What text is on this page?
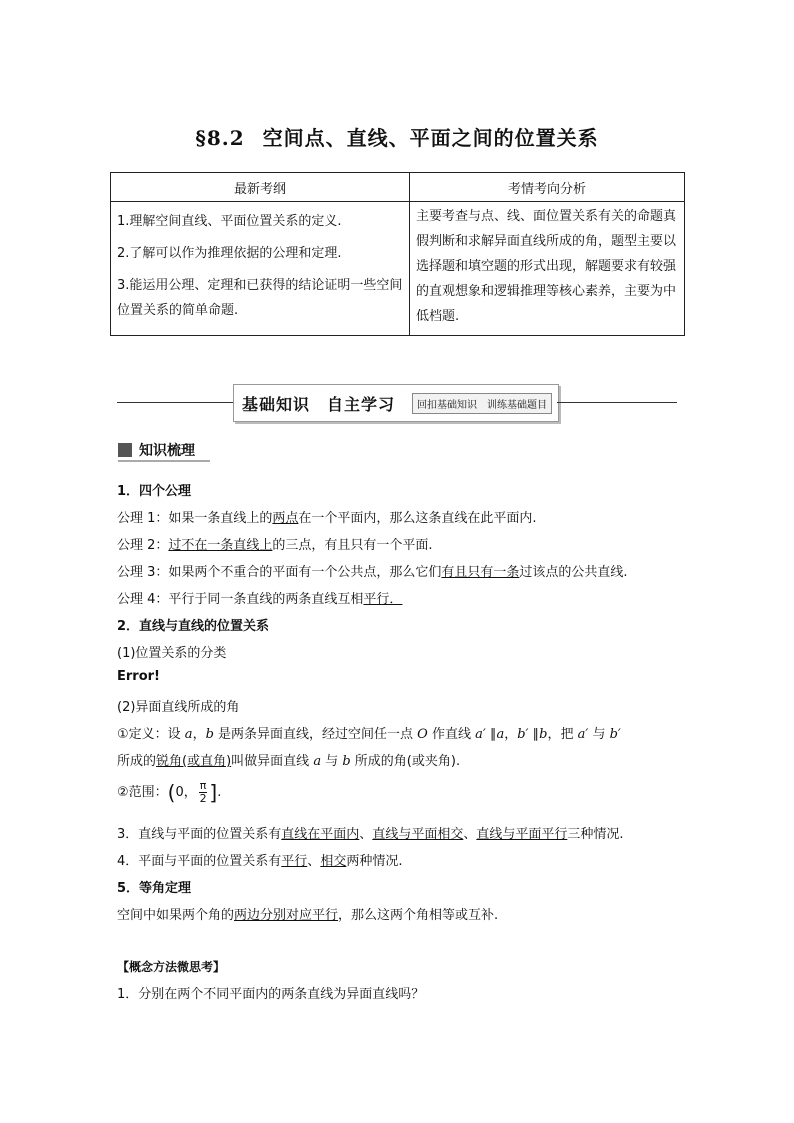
§8.2 空间点、直线、平面之间的位置关系
最新考纲	考情考向分析

1.理解空间直线、平面位置关系的定义.

2.了解可以作为推理依据的公理和定理.

3.能运用公理、定理和已获得的结论证明一些空间位置关系的简单命题.	主要考查与点、线、面位置关系有关的命题真假判断和求解异面直线所成的角，题型主要以选择题和填空题的形式出现，解题要求有较强的直观想象和逻辑推理等核心素养，主要为中低档题.

基础知识　自主学习	回扣基础知识　训练基础题目
知识梳理
1．四个公理
公理 1：如果一条直线上的两点在一个平面内，那么这条直线在此平面内.
公理 2：过不在一条直线上的三点，有且只有一个平面.
公理 3：如果两个不重合的平面有一个公共点，那么它们有且只有一条过该点的公共直线.
公理 4：平行于同一条直线的两条直线互相平行．
2．直线与直线的位置关系
(1)位置关系的分类
Error!
(2)异面直线所成的角
①定义：设 a，b 是两条异面直线，经过空间任一点 O 作直线 a′ ∥a，b′ ∥b，把 a′ 与 b′
所成的锐角(或直角)叫做异面直线 a 与 b 所成的角(或夹角).
②范围：(0， $\frac{\pi}{2}$ ].
3．直线与平面的位置关系有直线在平面内、直线与平面相交、直线与平面平行三种情况.
4．平面与平面的位置关系有平行、相交两种情况.
5．等角定理
空间中如果两个角的两边分别对应平行，那么这两个角相等或互补.
【概念方法微思考】
1．分别在两个不同平面内的两条直线为异面直线吗？
